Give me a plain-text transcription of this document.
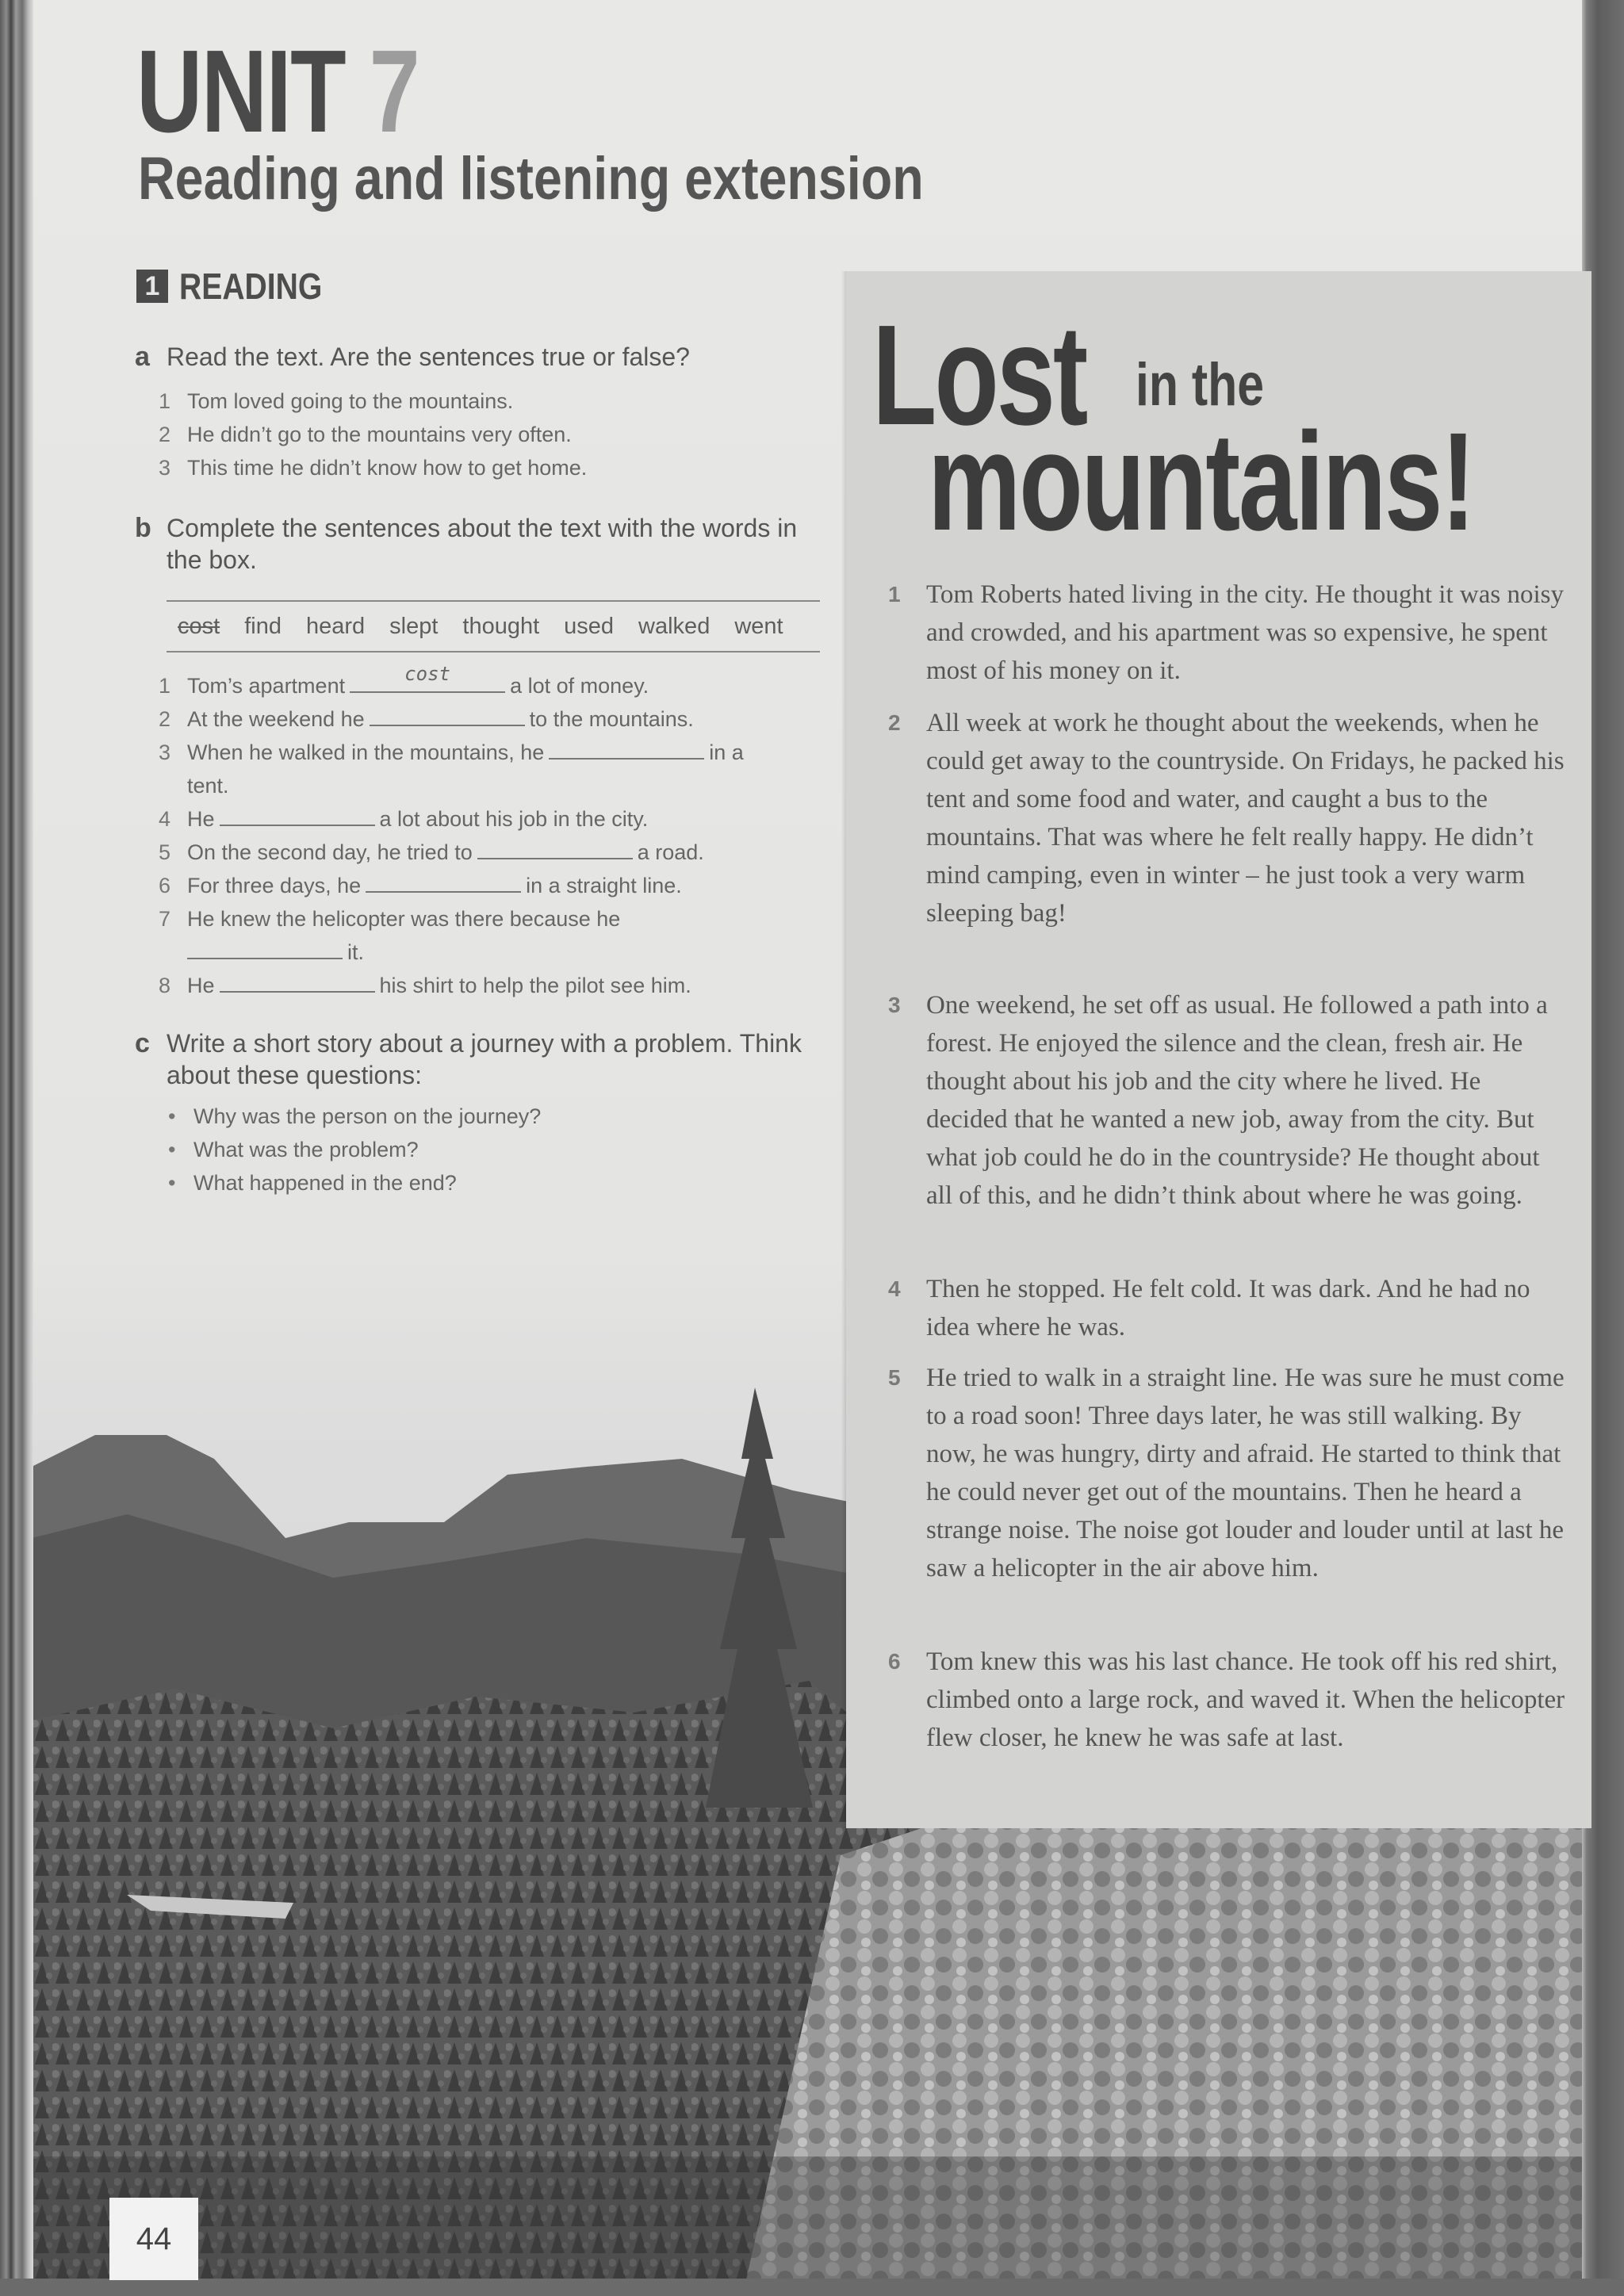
UNIT 7
Reading and listening extension
1 READING
a Read the text. Are the sentences true or false?
1 Tom loved going to the mountains.
2 He didn’t go to the mountains very often.
3 This time he didn’t know how to get home.
b Complete the sentences about the text with the words in the box.
cost find heard slept thought used walked went
1 Tom’s apartment	cost	a lot of money.
2 At the weekend he	to the mountains.
3 When he walked in the mountains, he	in a
tent.
4 He	a lot about his job in the city.
5 On the second day, he tried to	a road.
6 For three days, he	in a straight line.
7 He knew the helicopter was there because he
it.
8 He	his shirt to help the pilot see him.
c Write a short story about a journey with a problem. Think about these questions:
• Why was the person on the journey?
• What was the problem?
• What happened in the end?
Lost in the
mountains!
1 Tom Roberts hated living in the city. He thought it was noisy and crowded, and his apartment was so expensive, he spent most of his money on it.
2 All week at work he thought about the weekends, when he could get away to the countryside. On Fridays, he packed his tent and some food and water, and caught a bus to the mountains. That was where he felt really happy. He didn’t mind camping, even in winter – he just took a very warm sleeping bag!
3 One weekend, he set off as usual. He followed a path into a forest. He enjoyed the silence and the clean, fresh air. He thought about his job and the city where he lived. He decided that he wanted a new job, away from the city. But what job could he do in the countryside? He thought about all of this, and he didn’t think about where he was going.
4 Then he stopped. He felt cold. It was dark. And he had no idea where he was.
5 He tried to walk in a straight line. He was sure he must come to a road soon! Three days later, he was still walking. By now, he was hungry, dirty and afraid. He started to think that he could never get out of the mountains. Then he heard a strange noise. The noise got louder and louder until at last he saw a helicopter in the air above him.
6 Tom knew this was his last chance. He took off his red shirt, climbed onto a large rock, and waved it. When the helicopter flew closer, he knew he was safe at last.
44
